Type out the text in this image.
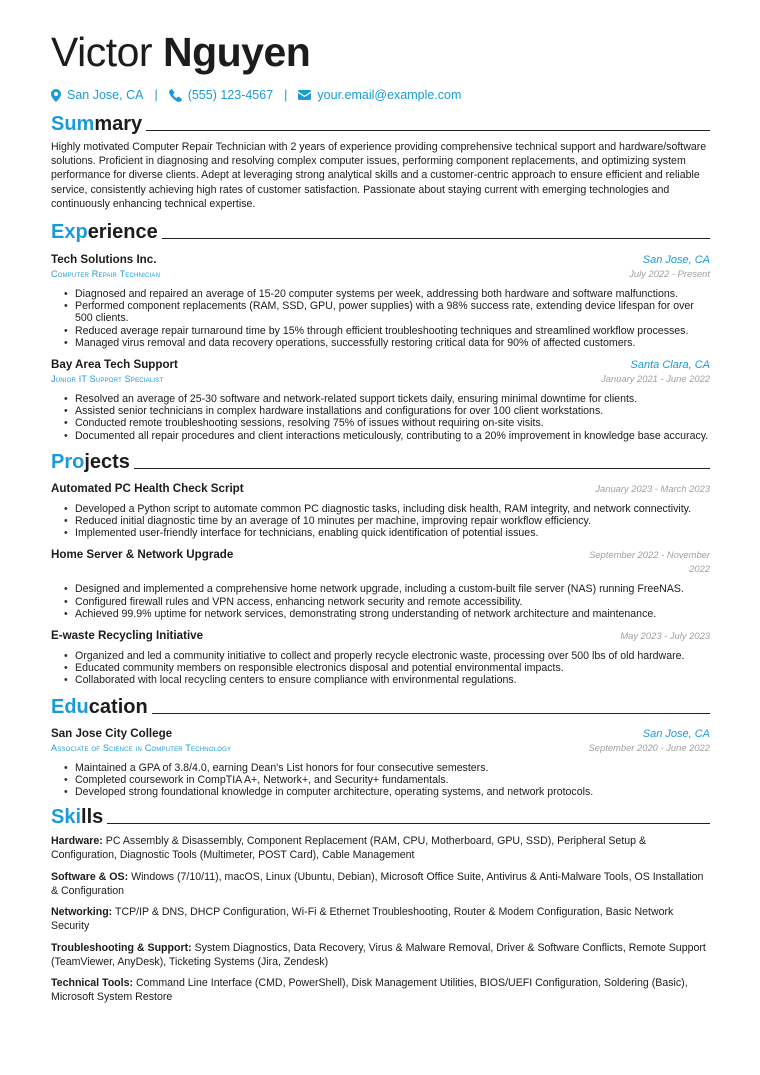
Victor Nguyen
San Jose, CA | (555) 123-4567 | your.email@example.com
Summary
Highly motivated Computer Repair Technician with 2 years of experience providing comprehensive technical support and hardware/software solutions. Proficient in diagnosing and resolving complex computer issues, performing component replacements, and optimizing system performance for diverse clients. Adept at leveraging strong analytical skills and a customer-centric approach to ensure efficient and reliable service, consistently achieving high rates of customer satisfaction. Passionate about staying current with emerging technologies and continuously enhancing technical expertise.
Experience
Tech Solutions Inc.	San Jose, CA
Computer Repair Technician	July 2022 - Present
• Diagnosed and repaired an average of 15-20 computer systems per week, addressing both hardware and software malfunctions.
• Performed component replacements (RAM, SSD, GPU, power supplies) with a 98% success rate, extending device lifespan for over 500 clients.
• Reduced average repair turnaround time by 15% through efficient troubleshooting techniques and streamlined workflow processes.
• Managed virus removal and data recovery operations, successfully restoring critical data for 90% of affected customers.
Bay Area Tech Support	Santa Clara, CA
Junior IT Support Specialist	January 2021 - June 2022
• Resolved an average of 25-30 software and network-related support tickets daily, ensuring minimal downtime for clients.
• Assisted senior technicians in complex hardware installations and configurations for over 100 client workstations.
• Conducted remote troubleshooting sessions, resolving 75% of issues without requiring on-site visits.
• Documented all repair procedures and client interactions meticulously, contributing to a 20% improvement in knowledge base accuracy.
Projects
Automated PC Health Check Script	January 2023 - March 2023
• Developed a Python script to automate common PC diagnostic tasks, including disk health, RAM integrity, and network connectivity.
• Reduced initial diagnostic time by an average of 10 minutes per machine, improving repair workflow efficiency.
• Implemented user-friendly interface for technicians, enabling quick identification of potential issues.
Home Server & Network Upgrade	September 2022 - November 2022
• Designed and implemented a comprehensive home network upgrade, including a custom-built file server (NAS) running FreeNAS.
• Configured firewall rules and VPN access, enhancing network security and remote accessibility.
• Achieved 99.9% uptime for network services, demonstrating strong understanding of network architecture and maintenance.
E-waste Recycling Initiative	May 2023 - July 2023
• Organized and led a community initiative to collect and properly recycle electronic waste, processing over 500 lbs of old hardware.
• Educated community members on responsible electronics disposal and potential environmental impacts.
• Collaborated with local recycling centers to ensure compliance with environmental regulations.
Education
San Jose City College	San Jose, CA
Associate of Science in Computer Technology	September 2020 - June 2022
• Maintained a GPA of 3.8/4.0, earning Dean's List honors for four consecutive semesters.
• Completed coursework in CompTIA A+, Network+, and Security+ fundamentals.
• Developed strong foundational knowledge in computer architecture, operating systems, and network protocols.
Skills
Hardware: PC Assembly & Disassembly, Component Replacement (RAM, CPU, Motherboard, GPU, SSD), Peripheral Setup & Configuration, Diagnostic Tools (Multimeter, POST Card), Cable Management
Software & OS: Windows (7/10/11), macOS, Linux (Ubuntu, Debian), Microsoft Office Suite, Antivirus & Anti-Malware Tools, OS Installation & Configuration
Networking: TCP/IP & DNS, DHCP Configuration, Wi-Fi & Ethernet Troubleshooting, Router & Modem Configuration, Basic Network Security
Troubleshooting & Support: System Diagnostics, Data Recovery, Virus & Malware Removal, Driver & Software Conflicts, Remote Support (TeamViewer, AnyDesk), Ticketing Systems (Jira, Zendesk)
Technical Tools: Command Line Interface (CMD, PowerShell), Disk Management Utilities, BIOS/UEFI Configuration, Soldering (Basic), Microsoft System Restore
